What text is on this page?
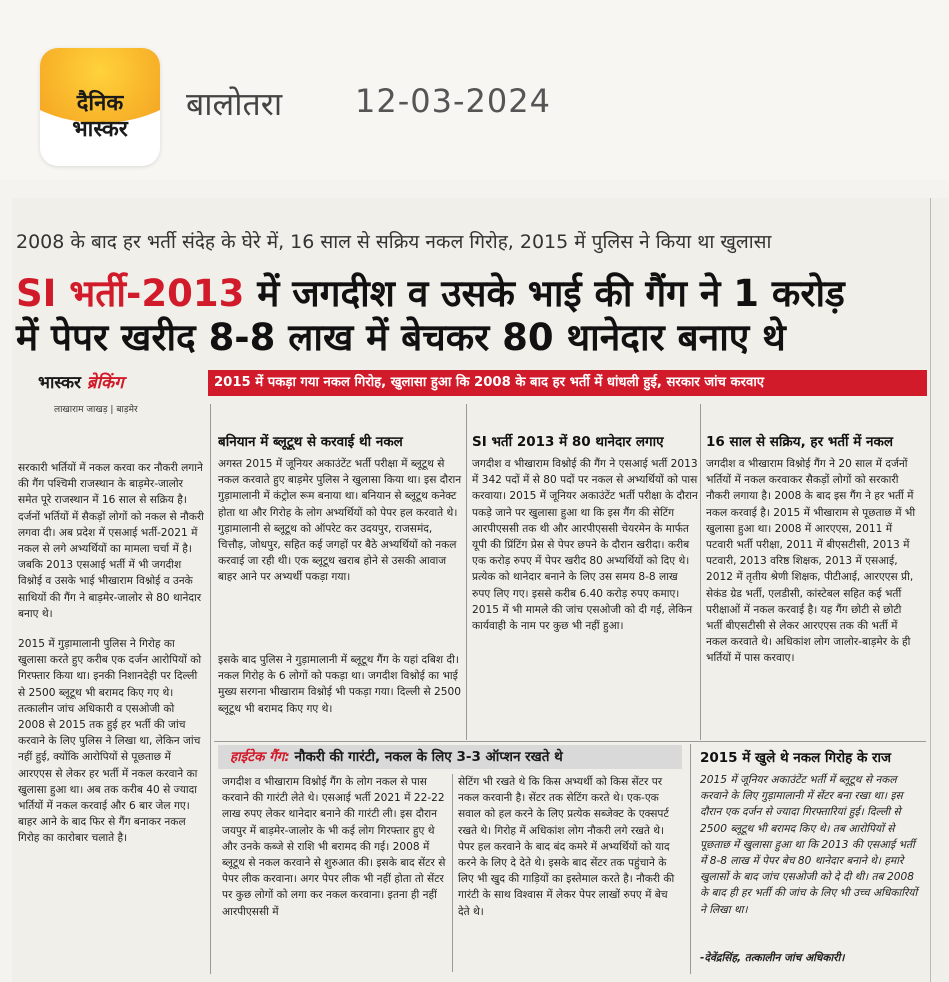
दैनिक
भास्कर
बालोतरा 12-03-2024
2008 के बाद हर भर्ती संदेह के घेरे में, 16 साल से सक्रिय नकल गिरोह, 2015 में पुलिस ने किया था खुलासा
SI भर्ती-2013 में जगदीश व उसके भाई की गैंग ने 1 करोड़
में पेपर खरीद 8-8 लाख में बेचकर 80 थानेदार बनाए थे
भास्कर ब्रेकिंग
लाखाराम जाखड़ | बाड़मेर
2015 में पकड़ा गया नकल गिरोह, खुलासा हुआ कि 2008 के बाद हर भर्ती में धांधली हुई, सरकार जांच करवाए
सरकारी भर्तियों में नकल करवा कर नौकरी लगाने की गैंग पश्चिमी राजस्थान के बाड़मेर-जालोर समेत पूरे राजस्थान में 16 साल से सक्रिय है। दर्जनों भर्तियों में सैकड़ों लोगों को नकल से नौकरी लगवा दी। अब प्रदेश में एसआई भर्ती-2021 में नकल से लगे अभ्यर्थियों का मामला चर्चा में है। जबकि 2013 एसआई भर्ती में भी जगदीश विश्नोई व उसके भाई भीखाराम विश्नोई व उनके साथियों की गैंग ने बाड़मेर-जालोर से 80 थानेदार बनाए थे।
2015 में गुड़ामालानी पुलिस ने गिरोह का खुलासा करते हुए करीब एक दर्जन आरोपियों को गिरफ्तार किया था। इनकी निशानदेही पर दिल्ली से 2500 ब्लूटूथ भी बरामद किए गए थे। तत्कालीन जांच अधिकारी व एसओजी को 2008 से 2015 तक हुई हर भर्ती की जांच करवाने के लिए पुलिस ने लिखा था, लेकिन जांच नहीं हुई, क्योंकि आरोपियों से पूछताछ में आरएएस से लेकर हर भर्ती में नकल करवाने का खुलासा हुआ था। अब तक करीब 40 से ज्यादा भर्तियों में नकल करवाई और 6 बार जेल गए। बाहर आने के बाद फिर से गैंग बनाकर नकल गिरोह का कारोबार चलाते है।
बनियान में ब्लूटूथ से करवाई थी नकल
अगस्त 2015 में जूनियर अकाउंटेंट भर्ती परीक्षा में ब्लूटूथ से नकल करवाते हुए बाड़मेर पुलिस ने खुलासा किया था। इस दौरान गुड़ामालानी में कंट्रोल रूम बनाया था। बनियान से ब्लूटूथ कनेक्ट होता था और गिरोह के लोग अभ्यर्थियों को पेपर हल करवाते थे। गुड़ामालानी से ब्लूटूथ को ऑपरेट कर उदयपुर, राजसमंद, चित्तौड़, जोधपुर, सहित कई जगहों पर बैठे अभ्यर्थियों को नकल करवाई जा रही थी। एक ब्लूटूथ खराब होने से उसकी आवाज बाहर आने पर अभ्यर्थी पकड़ा गया।
इसके बाद पुलिस ने गुड़ामालानी में ब्लूटूथ गैंग के यहां दबिश दी। नकल गिरोह के 6 लोगों को पकड़ा था। जगदीश विश्नोई का भाई मुख्य सरगना भीखाराम विश्नोई भी पकड़ा गया। दिल्ली से 2500 ब्लूटूथ भी बरामद किए गए थे।
SI भर्ती 2013 में 80 थानेदार लगाए
जगदीश व भीखाराम विश्नोई की गैंग ने एसआई भर्ती 2013 में 342 पदों में से 80 पदों पर नकल से अभ्यर्थियों को पास करवाया। 2015 में जूनियर अकाउंटेंट भर्ती परीक्षा के दौरान पकड़े जाने पर खुलासा हुआ था कि इस गैंग की सेटिंग आरपीएससी तक थी और आरपीएससी चेयरमेन के मार्फत यूपी की प्रिंटिंग प्रेस से पेपर छपने के दौरान खरीदा। करीब एक करोड़ रुपए में पेपर खरीद 80 अभ्यर्थियों को दिए थे। प्रत्येक को थानेदार बनाने के लिए उस समय 8-8 लाख रुपए लिए गए। इससे करीब 6.40 करोड़ रुपए कमाए। 2015 में भी मामले की जांच एसओजी को दी गई, लेकिन कार्यवाही के नाम पर कुछ भी नहीं हुआ।
16 साल से सक्रिय, हर भर्ती में नकल
जगदीश व भीखाराम विश्नोई गैंग ने 20 साल में दर्जनों भर्तियों में नकल करवाकर सैकड़ों लोगों को सरकारी नौकरी लगाया है। 2008 के बाद इस गैंग ने हर भर्ती में नकल करवाई है। 2015 में भीखाराम से पूछताछ में भी खुलासा हुआ था। 2008 में आरएएस, 2011 में पटवारी भर्ती परीक्षा, 2011 में बीएसटीसी, 2013 में पटवारी, 2013 वरिष्ठ शिक्षक, 2013 में एसआई, 2012 में तृतीय श्रेणी शिक्षक, पीटीआई, आरएएस प्री, सेकंड ग्रेड भर्ती, एलडीसी, कांस्टेबल सहित कई भर्ती परीक्षाओं में नकल करवाई है। यह गैंग छोटी से छोटी भर्ती बीएसटीसी से लेकर आरएएस तक की भर्ती में नकल करवाते थे। अधिकांश लोग जालोर-बाड़मेर के ही भर्तियों में पास करवाए।
हाईटेक गैंग: नौकरी की गारंटी, नकल के लिए 3-3 ऑप्शन रखते थे
जगदीश व भीखाराम विश्नोई गैंग के लोग नकल से पास करवाने की गारंटी लेते थे। एसआई भर्ती 2021 में 22-22 लाख रुपए लेकर थानेदार बनाने की गारंटी ली। इस दौरान जयपुर में बाड़मेर-जालोर के भी कई लोग गिरफ्तार हुए थे और उनके कब्जे से राशि भी बरामद की गई। 2008 में ब्लूटूथ से नकल करवाने से शुरुआत की। इसके बाद सेंटर से पेपर लीक करवाना। अगर पेपर लीक भी नहीं होता तो सेंटर पर कुछ लोगों को लगा कर नकल करवाना। इतना ही नहीं आरपीएससी में
सेटिंग भी रखते थे कि किस अभ्यर्थी को किस सेंटर पर नकल करवानी है। सेंटर तक सेटिंग करते थे। एक-एक सवाल को हल करने के लिए प्रत्येक सब्जेक्ट के एक्सपर्ट रखते थे। गिरोह में अधिकांश लोग नौकरी लगे रखते थे। पेपर हल करवाने के बाद बंद कमरे में अभ्यर्थियों को याद करने के लिए दे देते थे। इसके बाद सेंटर तक पहुंचाने के लिए भी खुद की गाड़ियों का इस्तेमाल करते है। नौकरी की गारंटी के साथ विश्वास में लेकर पेपर लाखों रुपए में बेच देते थे।
2015 में खुले थे नकल गिरोह के राज
2015 में जूनियर अकाउंटेंट भर्ती में ब्लूटूथ से नकल करवाने के लिए गुड़ामालानी में सेंटर बना रखा था। इस दौरान एक दर्जन से ज्यादा गिरफ्तारियां हुई। दिल्ली से 2500 ब्लूटूथ भी बरामद किए थे। तब आरोपियों से पूछताछ में खुलासा हुआ था कि 2013 की एसआई भर्ती में 8-8 लाख में पेपर बेच 80 थानेदार बनाने थे। हमारे खुलासों के बाद जांच एसओजी को दे दी थी। तब 2008 के बाद ही हर भर्ती की जांच के लिए भी उच्च अधिकारियों ने लिखा था।
-देवेंद्रसिंह, तत्कालीन जांच अधिकारी।
